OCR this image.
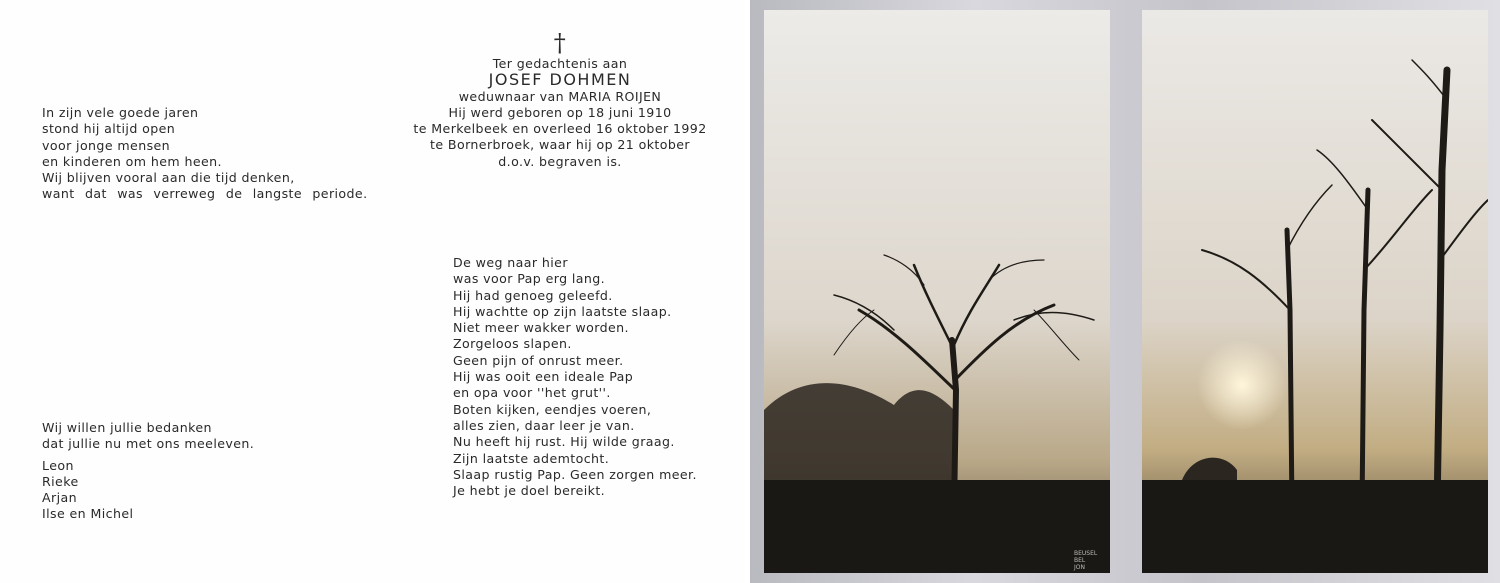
In zijn vele goede jaren
stond hij altijd open
voor jonge mensen
en kinderen om hem heen.
Wij blijven vooral aan die tijd denken,
want dat was verreweg de langste periode.
Wij willen jullie bedanken
dat jullie nu met ons meeleven.
Leon
Rieke
Arjan
Ilse en Michel
†
Ter gedachtenis aan
JOSEF DOHMEN
weduwnaar van MARIA ROIJEN
Hij werd geboren op 18 juni 1910
te Merkelbeek en overleed 16 oktober 1992
te Bornerbroek, waar hij op 21 oktober
d.o.v. begraven is.
De weg naar hier
was voor Pap erg lang.
Hij had genoeg geleefd.
Hij wachtte op zijn laatste slaap.
Niet meer wakker worden.
Zorgeloos slapen.
Geen pijn of onrust meer.
Hij was ooit een ideale Pap
en opa voor ''het grut''.
Boten kijken, eendjes voeren,
alles zien, daar leer je van.
Nu heeft hij rust. Hij wilde graag.
Zijn laatste ademtocht.
Slaap rustig Pap. Geen zorgen meer.
Je hebt je doel bereikt.
BEUSEL
BEL
JON
